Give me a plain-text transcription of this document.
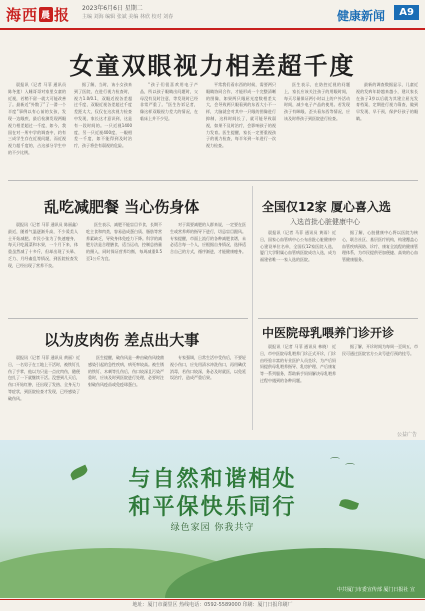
海西 晨 报 2023年6月6日 星期二
主编 刘海 编辑 张斌 美编 林欣 校对 刘春	健康新闻	A9
女童双眼视力相差超千度

晨报讯（记者 马菲 通讯员 陈冬莲）入睡哥哥对家里女童的近视，若稍不留一就大可能改善了。最新近“外散了”了一滑一个半度”事例以有心前的女孩，发现一边眼疾，最后检测发现两眼视力相差超过一千度，如今，我国在对一所中学的调查中，约有三成学生存在近视问题，而近视视力超千度的，占这部分学生中的不少比例。

据了解，当时，该小女孩来到了医院，在进行视力检查时，视力1.0/0.1，双眼近视各差超过千度，双眼近视各差超过千度差距太大，仅仅在这次视力检查中发现，家长这才意识到，这是有一段时间的。一只近视1400度，另一只近视400度，一眼相差一千度，如不能得到及时治疗，孩子将会有弱视的危险。

“孩子们很喜欢用电子产品，所以孩子眼睛出问题时，父母没有及时注意，等发现时已经非常严重了。”医生告诉记者，像这样双眼视力差大的情况，在临床上并不少见。

平常我们看东西的时候，需要两只眼睛协同合作，才能形成一个完整清晰的图像，如果两只眼屈光度数相差太大，会导致两只眼看到的东西大小不一样，大脑就会对其中一只眼的图像进行抑制，这样时间长了，就可能导致弱视，如果不及时治疗，会影响孩子的视力发育。医生提醒，家长一定要重视孩子的视力检查，每半年到一年进行一次视力检查。

医生表示，在防控近视的问题上，家长应该关注孩子的用眼时间，每天尽量保证两小时以上的户外活动时间，减少电子产品的使用。若发现孩子有眯眼、歪头看东西等情况，应该及时带孩子到医院进行检查。

最新的调查数据显示，儿童近视的发病年龄越来越小，建议家长在孩子3岁以后就为其建立屈光发育档案，定期进行视力筛查，做到早发现、早干预，保护好孩子的眼睛。

乱吃减肥餐 当心伤身体

晨报讯（记者 马菲 通讯员 陈丽鑫）最近，随着气温逐渐升高，不少爱美人士开始减肥。市民小张为了快速瘦身，每天只吃蔬菜和水果，一个月下来，体重虽然减了十多斤，但却出现了头晕、乏力、月经紊乱等情况，到医院检查发现，已经出现了营养不良。

医生表示，减肥不能盲目节食，长期不吃主食和肉类，容易造成蛋白质、脂肪等营养素缺乏，导致身体免疫力下降。科学的减肥方法是合理膳食，适当运动，控制总热量的摄入，同时保证营养均衡，每周减重0.5至1公斤为宜。

对于需要减肥的人群来说，一定要在医生或营养师的指导下进行，切忌盲目跟风。专家提醒，市面上流行的各种减肥食谱，未必适合每一个人，应根据自身情况，选择适合自己的方式，循序渐进，才能健康瘦身。

全国仅12家 厦心喜入选
入选首批心脏健康中心

晨报讯（记者 马菲 通讯员 黄雨）近日，国家心血管病中心公布首批心脏健康中心建设单位名单，全国仅12家医院入选，厦门大学附属心血管病医院成功入选，成为福建省唯一一家入选的医院。

据了解，心脏健康中心将以医院为核心，联合社区、基层医疗机构，构建覆盖心血管疾病预防、诊疗、康复全流程的健康管理体系，为市民提供更加便捷、高效的心血管健康服务。

以为皮肉伤 差点出大事

晨报讯（记者 马菲 通讯员 黄丽）近日，一名男子在工地上干活时，被铁钉扎伤了手掌，他以为只是一点皮肉伤，随便包扎了一下就继续干活。没想到几天后，伤口开始红肿，还出现了发热、全身无力等症状，到医院检查才发现，已经感染了破伤风。

医生提醒，破伤风是一种由破伤风梭菌感染引起的急性疾病，病死率较高。被生锈的铁钉、木刺等扎伤后，伤口较深且污染严重时，应该及时到医院进行处理，必要时注射破伤风疫苗或免疫球蛋白。

专家强调，日常生活中受伤后，不要轻视小伤口，应先用清水冲洗伤口，再用碘伏消毒，若伤口较深，务必及时就医，以免延误治疗，造成严重后果。

中医院母乳喂养门诊开诊

晨报讯（记者 马菲 通讯员 林晓） 近日，市中医院母乳喂养门诊正式开诊，门诊由经验丰富的专业医护人员坐诊，为产后妈妈提供母乳喂养指导、乳房护理、产后康复等一系列服务，帮助新手妈妈解决母乳喂养过程中遇到的各种问题。

据了解，开诊时间为每周一至周五，市民可通过医院官方公众号进行预约挂号。

公益广告
⌒
⌒
与自然和谐相处
和平保快乐同行
绿色家园 你我共守
中共厦门市委宣传部 厦门日报社 宣
地址：厦门市湖里区 热线电话：0592-5589000 印刷：厦门日报印刷厂
